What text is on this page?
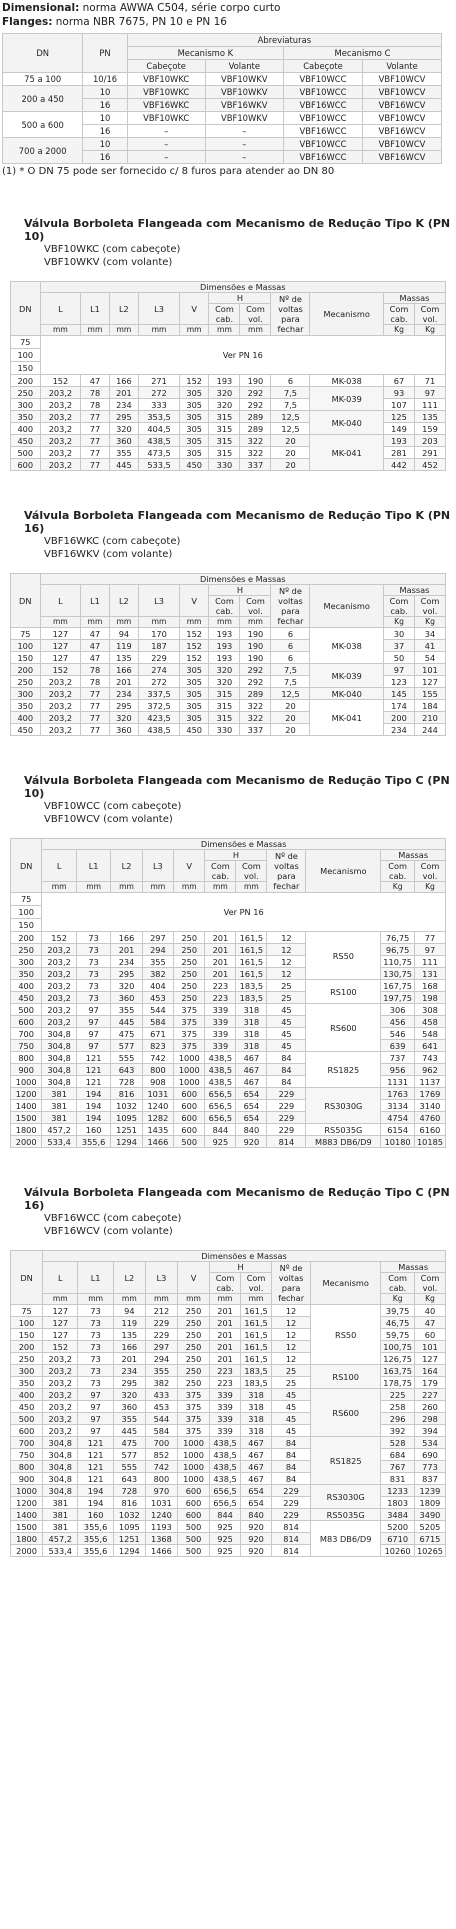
Dimensional: norma AWWA C504, série corpo curto
Flanges: norma NBR 7675, PN 10 e PN 16
DN	PN	Abreviaturas			
		Mecanismo K		Mecanismo C	
		Cabeçote	Volante	Cabeçote	Volante
75 a 100	10/16	VBF10WKC	VBF10WKV	VBF10WCC	VBF10WCV
200 a 450	10	VBF10WKC	VBF10WKV	VBF10WCC	VBF10WCV
	16	VBF16WKC	VBF16WKV	VBF16WCC	VBF16WCV
500 a 600	10	VBF10WKC	VBF10WKV	VBF10WCC	VBF10WCV
	16	–	–	VBF16WCC	VBF16WCV
700 a 2000	10	–	–	VBF10WCC	VBF10WCV
	16	–	–	VBF16WCC	VBF16WCV
(1) * O DN 75 pode ser fornecido c/ 8 furos para atender ao DN 80
Válvula Borboleta Flangeada com Mecanismo de Redução Tipo K (PN 10)
VBF10WKC (com cabeçote)
VBF10WKV (com volante)
DN	Dimensões e Massas										
	L	L1	L2	L3	V	H		Nº de voltas para fechar	Mecanismo	Massas	
						Com cab.	Com vol.			Com cab.	Com vol.
	mm	mm	mm	mm	mm	mm	mm			Kg	Kg
75	Ver PN 16										
100											
150											
200	152	47	166	271	152	193	190	6	MK-038	67	71
250	203,2	78	201	272	305	320	292	7,5	MK-039	93	97
300	203,2	78	234	333	305	320	292	7,5		107	111
350	203,2	77	295	353,5	305	315	289	12,5	MK-040	125	135
400	203,2	77	320	404,5	305	315	289	12,5		149	159
450	203,2	77	360	438,5	305	315	322	20	MK-041	193	203
500	203,2	77	355	473,5	305	315	322	20		281	291
600	203,2	77	445	533,5	450	330	337	20		442	452
Válvula Borboleta Flangeada com Mecanismo de Redução Tipo K (PN 16)
VBF16WKC (com cabeçote)
VBF16WKV (com volante)
DN	Dimensões e Massas										
	L	L1	L2	L3	V	H		Nº de voltas para fechar	Mecanismo	Massas	
						Com cab.	Com vol.			Com cab.	Com vol.
	mm	mm	mm	mm	mm	mm	mm			Kg	Kg
75	127	47	94	170	152	193	190	6	MK-038	30	34
100	127	47	119	187	152	193	190	6		37	41
150	127	47	135	229	152	193	190	6		50	54
200	152	78	166	274	305	320	292	7,5	MK-039	97	101
250	203,2	78	201	272	305	320	292	7,5		123	127
300	203,2	77	234	337,5	305	315	289	12,5	MK-040	145	155
350	203,2	77	295	372,5	305	315	322	20	MK-041	174	184
400	203,2	77	320	423,5	305	315	322	20		200	210
450	203,2	77	360	438,5	450	330	337	20		234	244
Válvula Borboleta Flangeada com Mecanismo de Redução Tipo C (PN 10)
VBF10WCC (com cabeçote)
VBF10WCV (com volante)
DN	Dimensões e Massas										
	L	L1	L2	L3	V	H		Nº de voltas para fechar	Mecanismo	Massas	
						Com cab.	Com vol.			Com cab.	Com vol.
	mm	mm	mm	mm	mm	mm	mm			Kg	Kg
75	Ver PN 16										
100											
150											
200	152	73	166	297	250	201	161,5	12	RS50	76,75	77
250	203,2	73	201	294	250	201	161,5	12		96,75	97
300	203,2	73	234	355	250	201	161,5	12		110,75	111
350	203,2	73	295	382	250	201	161,5	12		130,75	131
400	203,2	73	320	404	250	223	183,5	25	RS100	167,75	168
450	203,2	73	360	453	250	223	183,5	25		197,75	198
500	203,2	97	355	544	375	339	318	45	RS600	306	308
600	203,2	97	445	584	375	339	318	45		456	458
700	304,8	97	475	671	375	339	318	45		546	548
750	304,8	97	577	823	375	339	318	45		639	641
800	304,8	121	555	742	1000	438,5	467	84	RS1825	737	743
900	304,8	121	643	800	1000	438,5	467	84		956	962
1000	304,8	121	728	908	1000	438,5	467	84		1131	1137
1200	381	194	816	1031	600	656,5	654	229	RS3030G	1763	1769
1400	381	194	1032	1240	600	656,5	654	229		3134	3140
1500	381	194	1095	1282	600	656,5	654	229		4754	4760
1800	457,2	160	1251	1435	600	844	840	229	RS5035G	6154	6160
2000	533,4	355,6	1294	1466	500	925	920	814	M883 DB6/D9	10180	10185
Válvula Borboleta Flangeada com Mecanismo de Redução Tipo C (PN 16)
VBF16WCC (com cabeçote)
VBF16WCV (com volante)
DN	Dimensões e Massas										
	L	L1	L2	L3	V	H		Nº de voltas para fechar	Mecanismo	Massas	
						Com cab.	Com vol.			Com cab.	Com vol.
	mm	mm	mm	mm	mm	mm	mm			Kg	Kg
75	127	73	94	212	250	201	161,5	12	RS50	39,75	40
100	127	73	119	229	250	201	161,5	12		46,75	47
150	127	73	135	229	250	201	161,5	12		59,75	60
200	152	73	166	297	250	201	161,5	12		100,75	101
250	203,2	73	201	294	250	201	161,5	12		126,75	127
300	203,2	73	234	355	250	223	183,5	25	RS100	163,75	164
350	203,2	73	295	382	250	223	183,5	25		178,75	179
400	203,2	97	320	433	375	339	318	45	RS600	225	227
450	203,2	97	360	453	375	339	318	45		258	260
500	203,2	97	355	544	375	339	318	45		296	298
600	203,2	97	445	584	375	339	318	45		392	394
700	304,8	121	475	700	1000	438,5	467	84	RS1825	528	534
750	304,8	121	577	852	1000	438,5	467	84		684	690
800	304,8	121	555	742	1000	438,5	467	84		767	773
900	304,8	121	643	800	1000	438,5	467	84		831	837
1000	304,8	194	728	970	600	656,5	654	229	RS3030G	1233	1239
1200	381	194	816	1031	600	656,5	654	229		1803	1809
1400	381	160	1032	1240	600	844	840	229	RS5035G	3484	3490
1500	381	355,6	1095	1193	500	925	920	814	M83 DB6/D9	5200	5205
1800	457,2	355,6	1251	1368	500	925	920	814		6710	6715
2000	533,4	355,6	1294	1466	500	925	920	814		10260	10265
